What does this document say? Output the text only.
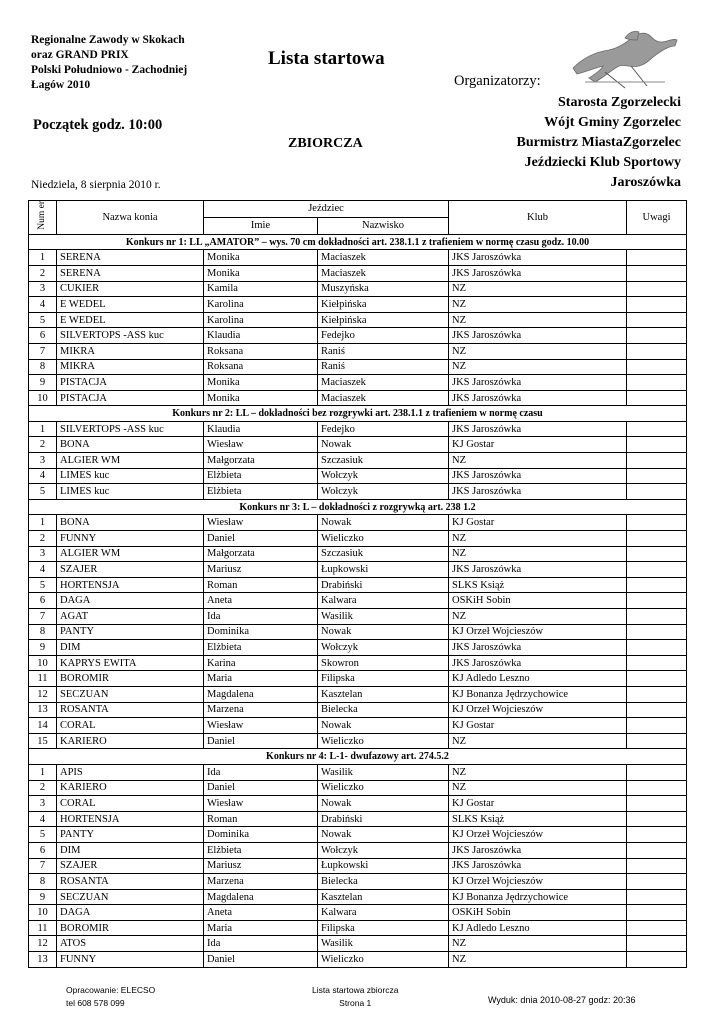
Regionalne Zawody w Skokach
oraz GRAND PRIX
Polski Południowo - Zachodniej
Łagów 2010
Lista startowa
Organizatorzy:
Starosta Zgorzelecki
Wójt Gminy Zgorzelec
Burmistrz MiastaZgorzelec
Jeździecki Klub Sportowy
Jaroszówka
Początek godz. 10:00
ZBIORCZA
Niedziela, 8 sierpnia 2010 r.
Num er	Nazwa konia	Jeździec		Klub	Uwagi
		Imie	Nazwisko		
Konkurs nr 1: LL „AMATOR” – wys. 70 cm dokładności art. 238.1.1 z trafieniem w normę czasu godz. 10.00					
1	SERENA	Monika	Maciaszek	JKS Jaroszówka	
2	SERENA	Monika	Maciaszek	JKS Jaroszówka	
3	CUKIER	Kamila	Muszyńska	NZ	
4	E WEDEL	Karolina	Kiełpińska	NZ	
5	E WEDEL	Karolina	Kiełpińska	NZ	
6	SILVERTOPS -ASS kuc	Klaudia	Fedejko	JKS Jaroszówka	
7	MIKRA	Roksana	Raniś	NZ	
8	MIKRA	Roksana	Raniś	NZ	
9	PISTACJA	Monika	Maciaszek	JKS Jaroszówka	
10	PISTACJA	Monika	Maciaszek	JKS Jaroszówka	
Konkurs nr 2: LL – dokładności bez rozgrywki art. 238.1.1 z trafieniem w normę czasu					
1	SILVERTOPS -ASS kuc	Klaudia	Fedejko	JKS Jaroszówka	
2	BONA	Wiesław	Nowak	KJ Gostar	
3	ALGIER WM	Małgorzata	Szczasiuk	NZ	
4	LIMES kuc	Elżbieta	Wołczyk	JKS Jaroszówka	
5	LIMES kuc	Elżbieta	Wołczyk	JKS Jaroszówka	
Konkurs nr 3: L – dokładności z rozgrywką art. 238 1.2					
1	BONA	Wiesław	Nowak	KJ Gostar	
2	FUNNY	Daniel	Wieliczko	NZ	
3	ALGIER WM	Małgorzata	Szczasiuk	NZ	
4	SZAJER	Mariusz	Łupkowski	JKS Jaroszówka	
5	HORTENSJA	Roman	Drabiński	SLKS Książ	
6	DAGA	Aneta	Kalwara	OSKiH Sobin	
7	AGAT	Ida	Wasilik	NZ	
8	PANTY	Dominika	Nowak	KJ Orzeł Wojcieszów	
9	DIM	Elżbieta	Wołczyk	JKS Jaroszówka	
10	KAPRYS EWITA	Karina	Skowron	JKS Jaroszówka	
11	BOROMIR	Maria	Filipska	KJ Adledo Leszno	
12	SECZUAN	Magdalena	Kasztelan	KJ Bonanza Jędrzychowice	
13	ROSANTA	Marzena	Bielecka	KJ Orzeł Wojcieszów	
14	CORAL	Wiesław	Nowak	KJ Gostar	
15	KARIERO	Daniel	Wieliczko	NZ	
Konkurs nr 4: L-1- dwufazowy art. 274.5.2					
1	APIS	Ida	Wasilik	NZ	
2	KARIERO	Daniel	Wieliczko	NZ	
3	CORAL	Wiesław	Nowak	KJ Gostar	
4	HORTENSJA	Roman	Drabiński	SLKS Książ	
5	PANTY	Dominika	Nowak	KJ Orzeł Wojcieszów	
6	DIM	Elżbieta	Wołczyk	JKS Jaroszówka	
7	SZAJER	Mariusz	Łupkowski	JKS Jaroszówka	
8	ROSANTA	Marzena	Bielecka	KJ Orzeł Wojcieszów	
9	SECZUAN	Magdalena	Kasztelan	KJ Bonanza Jędrzychowice	
10	DAGA	Aneta	Kalwara	OSKiH Sobin	
11	BOROMIR	Maria	Filipska	KJ Adledo Leszno	
12	ATOS	Ida	Wasilik	NZ	
13	FUNNY	Daniel	Wieliczko	NZ	
Opracowanie: ELECSO
tel 608 578 099
Lista startowa zbiorcza
Strona 1	Wyduk: dnia 2010-08-27 godz: 20:36
